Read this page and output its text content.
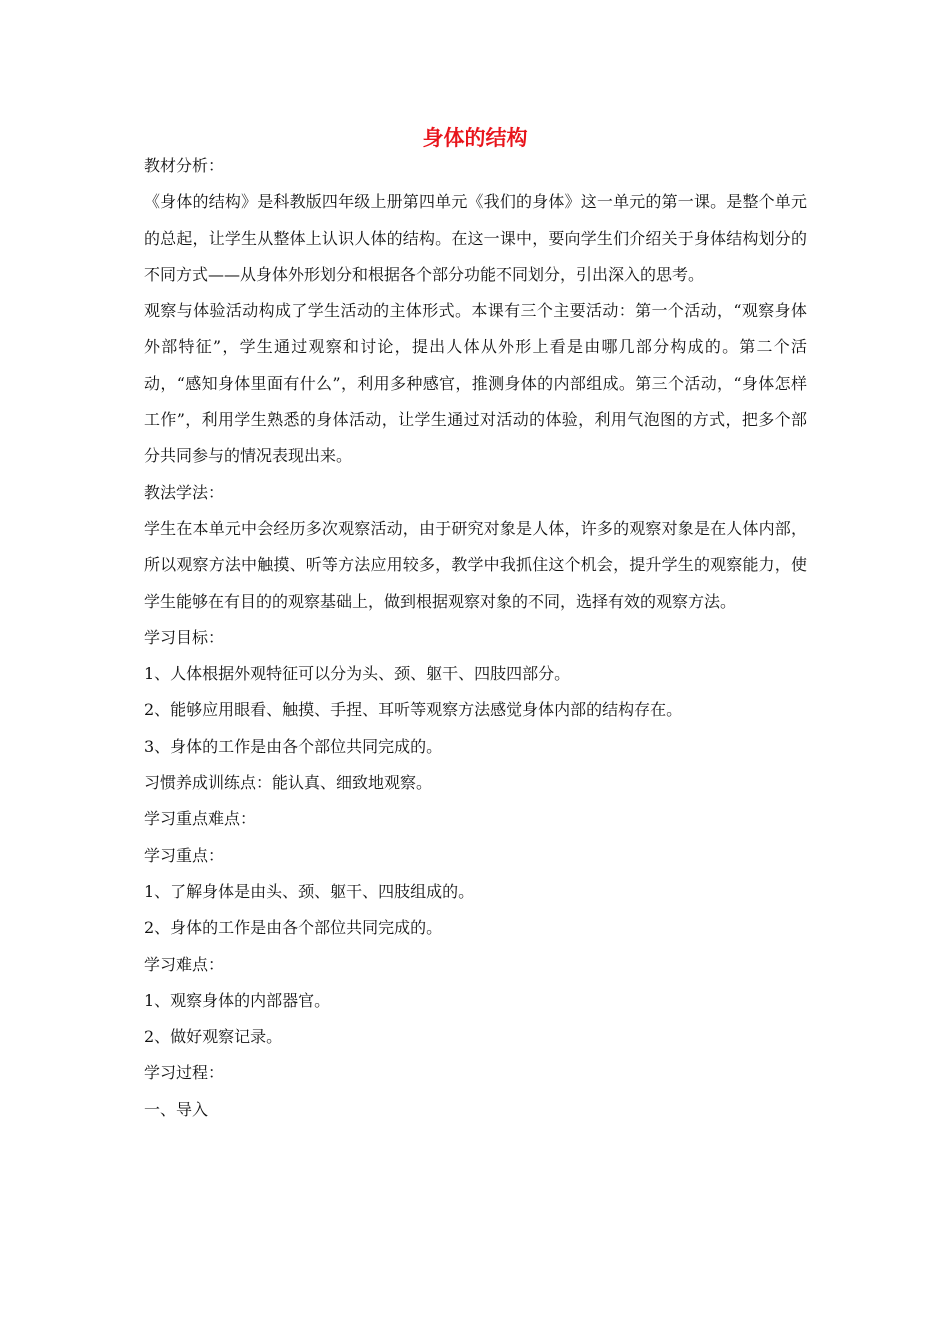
身体的结构

教材分析：

《身体的结构》是科教版四年级上册第四单元《我们的身体》这一单元的第一课。是整个单元的总起，让学生从整体上认识人体的结构。在这一课中，要向学生们介绍关于身体结构划分的不同方式——从身体外形划分和根据各个部分功能不同划分，引出深入的思考。

观察与体验活动构成了学生活动的主体形式。本课有三个主要活动：第一个活动，“观察身体外部特征”，学生通过观察和讨论，提出人体从外形上看是由哪几部分构成的。第二个活动，“感知身体里面有什么”，利用多种感官，推测身体的内部组成。第三个活动，“身体怎样工作”，利用学生熟悉的身体活动，让学生通过对活动的体验，利用气泡图的方式，把多个部分共同参与的情况表现出来。

教法学法：

学生在本单元中会经历多次观察活动，由于研究对象是人体，许多的观察对象是在人体内部，所以观察方法中触摸、听等方法应用较多，教学中我抓住这个机会，提升学生的观察能力，使学生能够在有目的的观察基础上，做到根据观察对象的不同，选择有效的观察方法。

学习目标：

1、人体根据外观特征可以分为头、颈、躯干、四肢四部分。

2、能够应用眼看、触摸、手捏、耳听等观察方法感觉身体内部的结构存在。

3、身体的工作是由各个部位共同完成的。

习惯养成训练点：能认真、细致地观察。

学习重点难点：

学习重点：

1、了解身体是由头、颈、躯干、四肢组成的。

2、身体的工作是由各个部位共同完成的。

学习难点：

1、观察身体的内部器官。

2、做好观察记录。

学习过程：

一、导入
